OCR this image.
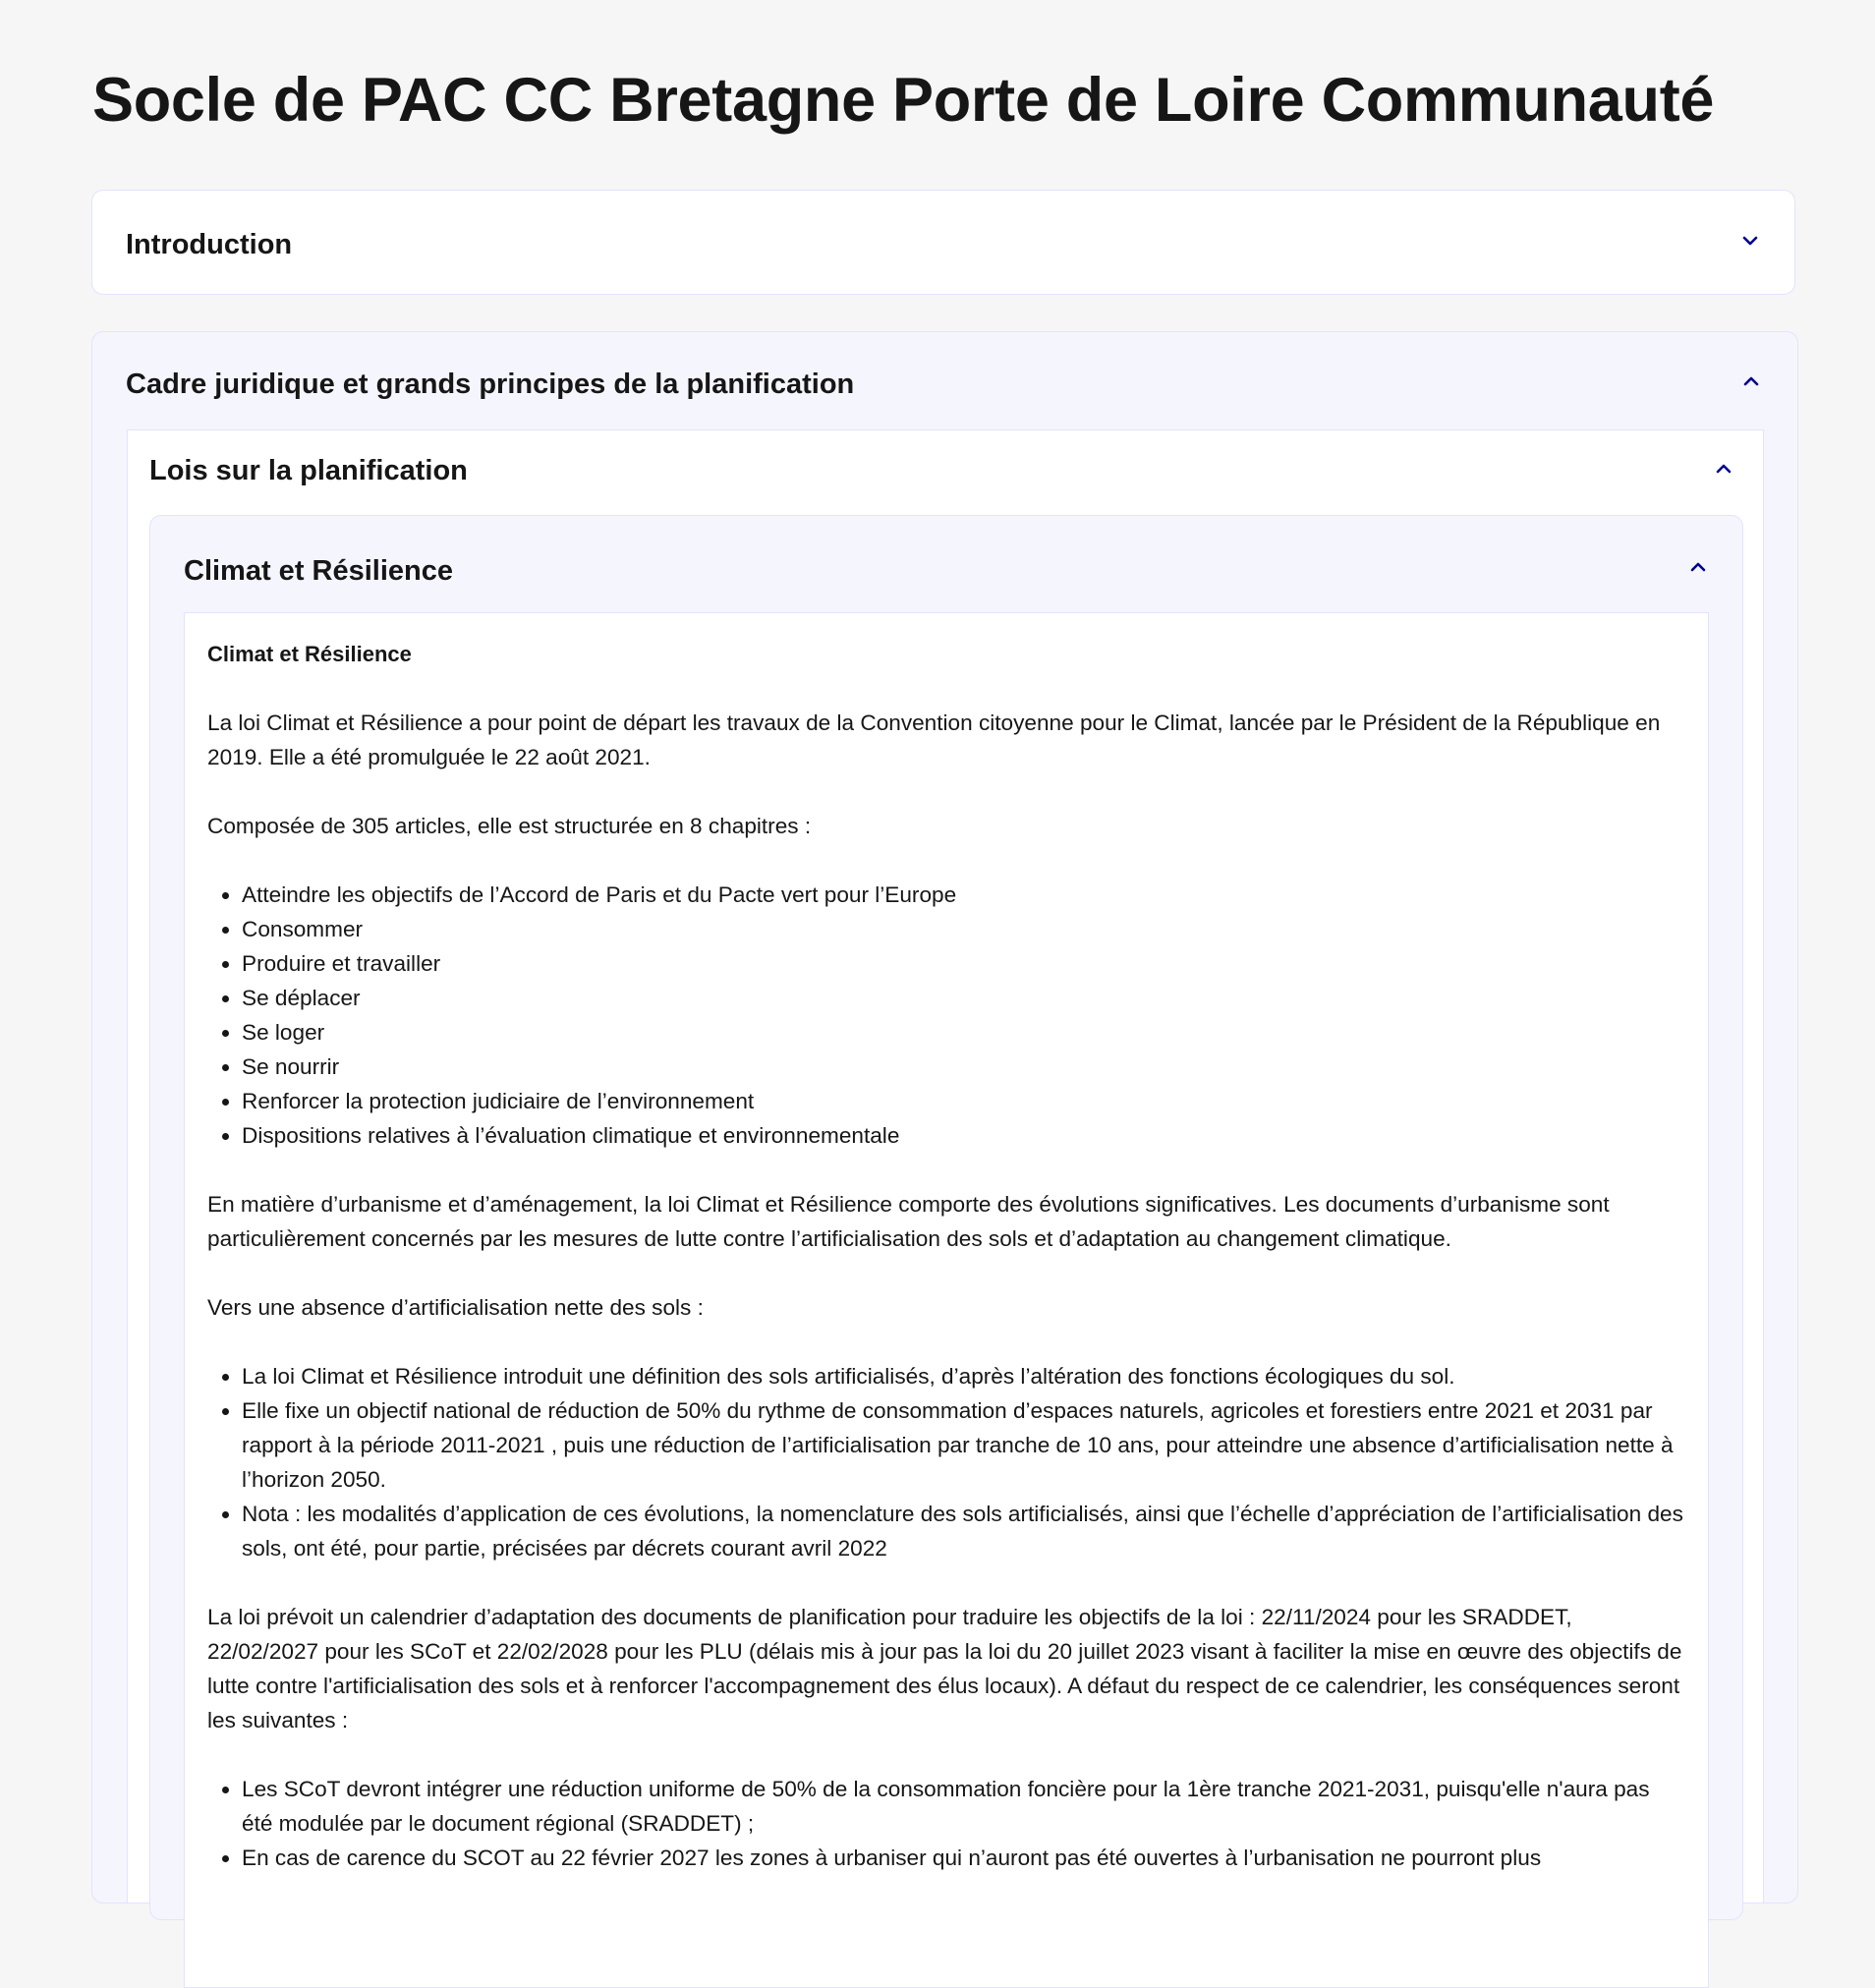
Socle de PAC CC Bretagne Porte de Loire Communauté
Introduction
Cadre juridique et grands principes de la planification
Lois sur la planification
Climat et Résilience

Climat et Résilience

La loi Climat et Résilience a pour point de départ les travaux de la Convention citoyenne pour le Climat, lancée par le Président de la République en 2019. Elle a été promulguée le 22 août 2021.

Composée de 305 articles, elle est structurée en 8 chapitres :

• Atteindre les objectifs de l’Accord de Paris et du Pacte vert pour l’Europe
• Consommer
• Produire et travailler
• Se déplacer
• Se loger
• Se nourrir
• Renforcer la protection judiciaire de l’environnement
• Dispositions relatives à l’évaluation climatique et environnementale

En matière d’urbanisme et d’aménagement, la loi Climat et Résilience comporte des évolutions significatives. Les documents d’urbanisme sont particulièrement concernés par les mesures de lutte contre l’artificialisation des sols et d’adaptation au changement climatique.

Vers une absence d’artificialisation nette des sols :

• La loi Climat et Résilience introduit une définition des sols artificialisés, d’après l’altération des fonctions écologiques du sol.
• Elle fixe un objectif national de réduction de 50% du rythme de consommation d’espaces naturels, agricoles et forestiers entre 2021 et 2031 par rapport à la période 2011-2021 , puis une réduction de l’artificialisation par tranche de 10 ans, pour atteindre une absence d’artificialisation nette à l’horizon 2050.
• Nota : les modalités d’application de ces évolutions, la nomenclature des sols artificialisés, ainsi que l’échelle d’appréciation de l’artificialisation des sols, ont été, pour partie, précisées par décrets courant avril 2022

La loi prévoit un calendrier d’adaptation des documents de planification pour traduire les objectifs de la loi : 22/11/2024 pour les SRADDET, 22/02/2027 pour les SCoT et 22/02/2028 pour les PLU (délais mis à jour pas la loi du 20 juillet 2023 visant à faciliter la mise en œuvre des objectifs de lutte contre l'artificialisation des sols et à renforcer l'accompagnement des élus locaux). A défaut du respect de ce calendrier, les conséquences seront les suivantes :

• Les SCoT devront intégrer une réduction uniforme de 50% de la consommation foncière pour la 1ère tranche 2021-2031, puisqu'elle n'aura pas été modulée par le document régional (SRADDET) ;
• En cas de carence du SCOT au 22 février 2027 les zones à urbaniser qui n’auront pas été ouvertes à l’urbanisation ne pourront plus
